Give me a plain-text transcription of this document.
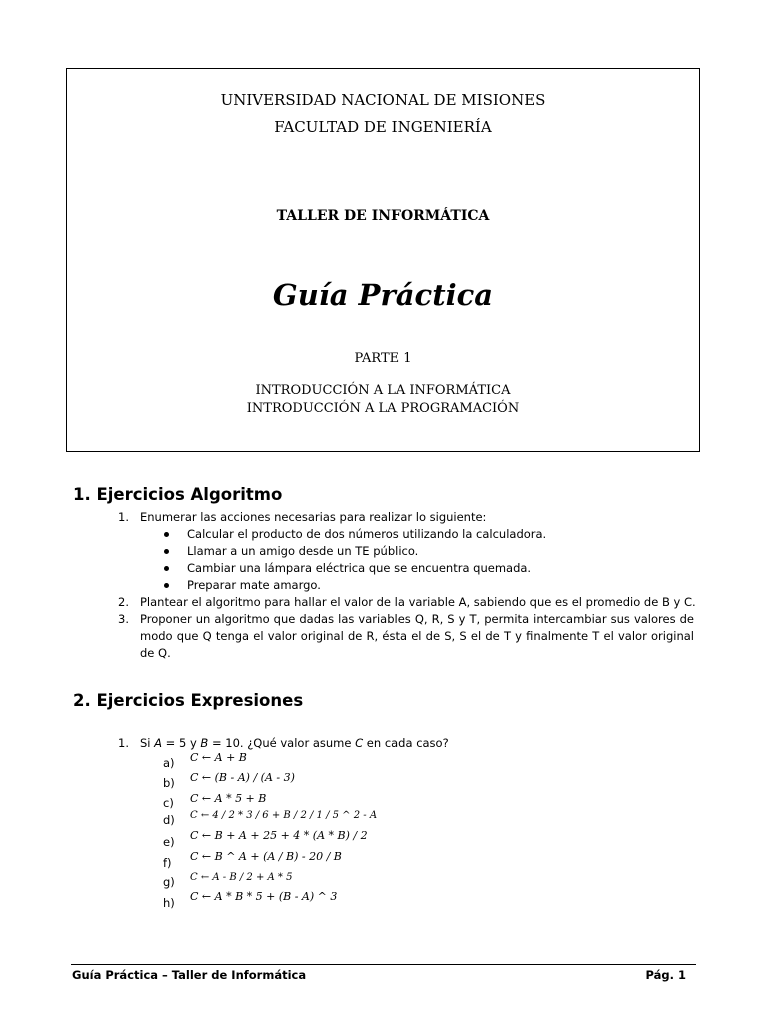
UNIVERSIDAD NACIONAL DE MISIONES
FACULTAD DE INGENIERÍA
TALLER DE INFORMÁTICA
Guía Práctica
PARTE 1
INTRODUCCIÓN A LA INFORMÁTICA
INTRODUCCIÓN A LA PROGRAMACIÓN
1. Ejercicios Algoritmo
1. Enumerar las acciones necesarias para realizar lo siguiente:
Calcular el producto de dos números utilizando la calculadora.
Llamar a un amigo desde un TE público.
Cambiar una lámpara eléctrica que se encuentra quemada.
Preparar mate amargo.
2. Plantear el algoritmo para hallar el valor de la variable A, sabiendo que es el promedio de B y C.
3. Proponer un algoritmo que dadas las variables Q, R, S y T, permita intercambiar sus valores de modo que Q tenga el valor original de R, ésta el de S, S el de T y finalmente T el valor original de Q.
2. Ejercicios Expresiones
1. Si A = 5 y B = 10. ¿Qué valor asume C en cada caso?
a) C ← A + B
b) C ← (B - A) / (A - 3)
c) C ← A * 5 + B
d) C ← 4 / 2 * 3 / 6 + B / 2 / 1 / 5 ^ 2 - A
e) C ← B + A + 25 + 4 * (A * B) / 2
f) C ← B ^ A + (A / B) - 20 / B
g) C ← A - B / 2 + A * 5
h) C ← A * B * 5 + (B - A) ^ 3
Guía Práctica – Taller de Informática	Pág. 1
